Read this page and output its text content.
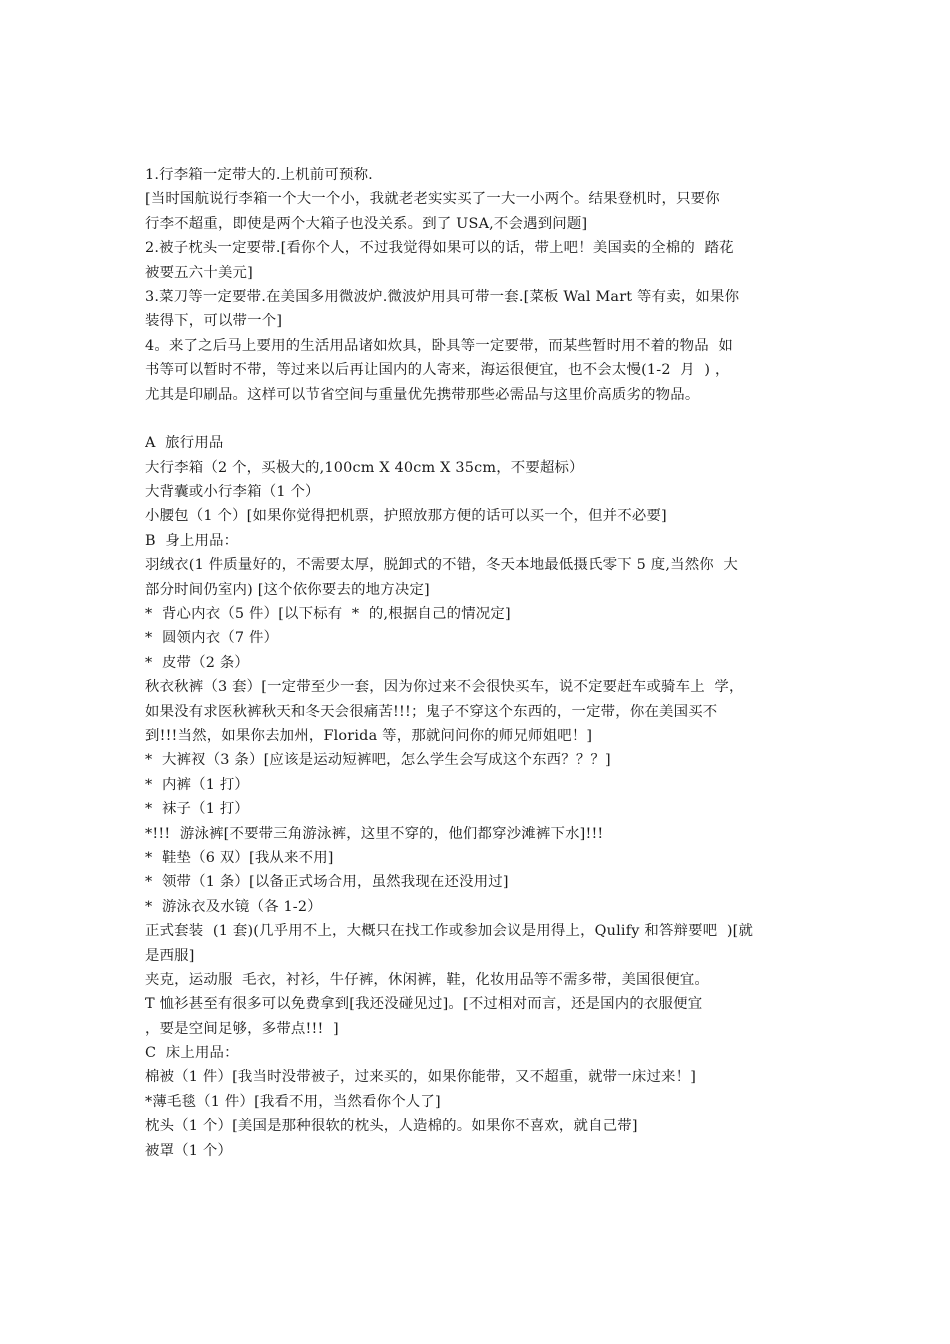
1.行李箱一定带大的.上机前可预称.
[当时国航说行李箱一个大一个小，我就老老实实买了一大一小两个。结果登机时，只要你
行李不超重，即使是两个大箱子也没关系。到了 USA,不会遇到问题]
2.被子枕头一定要带.[看你个人，不过我觉得如果可以的话，带上吧！美国卖的全棉的  踏花
被要五六十美元]
3.菜刀等一定要带.在美国多用微波炉.微波炉用具可带一套.[菜板 Wal Mart 等有卖，如果你
装得下，可以带一个]
4。来了之后马上要用的生活用品诸如炊具，卧具等一定要带，而某些暂时用不着的物品  如
书等可以暂时不带，等过来以后再让国内的人寄来，海运很便宜，也不会太慢(1-2  月  ) ，
尤其是印刷品。这样可以节省空间与重量优先携带那些必需品与这里价高质劣的物品。
A  旅行用品
大行李箱（2 个，买极大的,100cm X 40cm X 35cm，不要超标）
大背囊或小行李箱（1 个）
小腰包（1 个）[如果你觉得把机票，护照放那方便的话可以买一个，但并不必要]
B  身上用品：
羽绒衣(1 件质量好的，不需要太厚，脱卸式的不错，冬天本地最低摄氏零下 5 度,当然你  大
部分时间仍室内) [这个依你要去的地方决定]
*  背心内衣（5 件）[以下标有  *  的,根据自己的情况定]
*  圆领内衣（7 件）
*  皮带（2 条）
秋衣秋裤（3 套）[一定带至少一套，因为你过来不会很快买车，说不定要赶车或骑车上  学，
如果没有求医秋裤秋天和冬天会很痛苦!!!；鬼子不穿这个东西的，一定带，你在美国买不
到!!!当然，如果你去加州，Florida 等，那就问问你的师兄师姐吧！]
*  大裤衩（3 条）[应该是运动短裤吧，怎么学生会写成这个东西？？？]
*  内裤（1 打）
*  袜子（1 打）
*!!!  游泳裤[不要带三角游泳裤，这里不穿的，他们都穿沙滩裤下水]!!!
*  鞋垫（6 双）[我从来不用]
*  领带（1 条）[以备正式场合用，虽然我现在还没用过]
*  游泳衣及水镜（各 1-2）
正式套装  (1 套)(几乎用不上，大概只在找工作或参加会议是用得上，Qulify 和答辩要吧  )[就
是西服]
夹克，运动服  毛衣，衬衫，牛仔裤，休闲裤，鞋，化妆用品等不需多带，美国很便宜。
T 恤衫甚至有很多可以免费拿到[我还没碰见过]。[不过相对而言，还是国内的衣服便宜
，要是空间足够，多带点!!!  ]
C  床上用品：
棉被（1 件）[我当时没带被子，过来买的，如果你能带，又不超重，就带一床过来！]
*薄毛毯（1 件）[我看不用，当然看你个人了]
枕头（1 个）[美国是那种很软的枕头，人造棉的。如果你不喜欢，就自己带]
被罩（1 个）
